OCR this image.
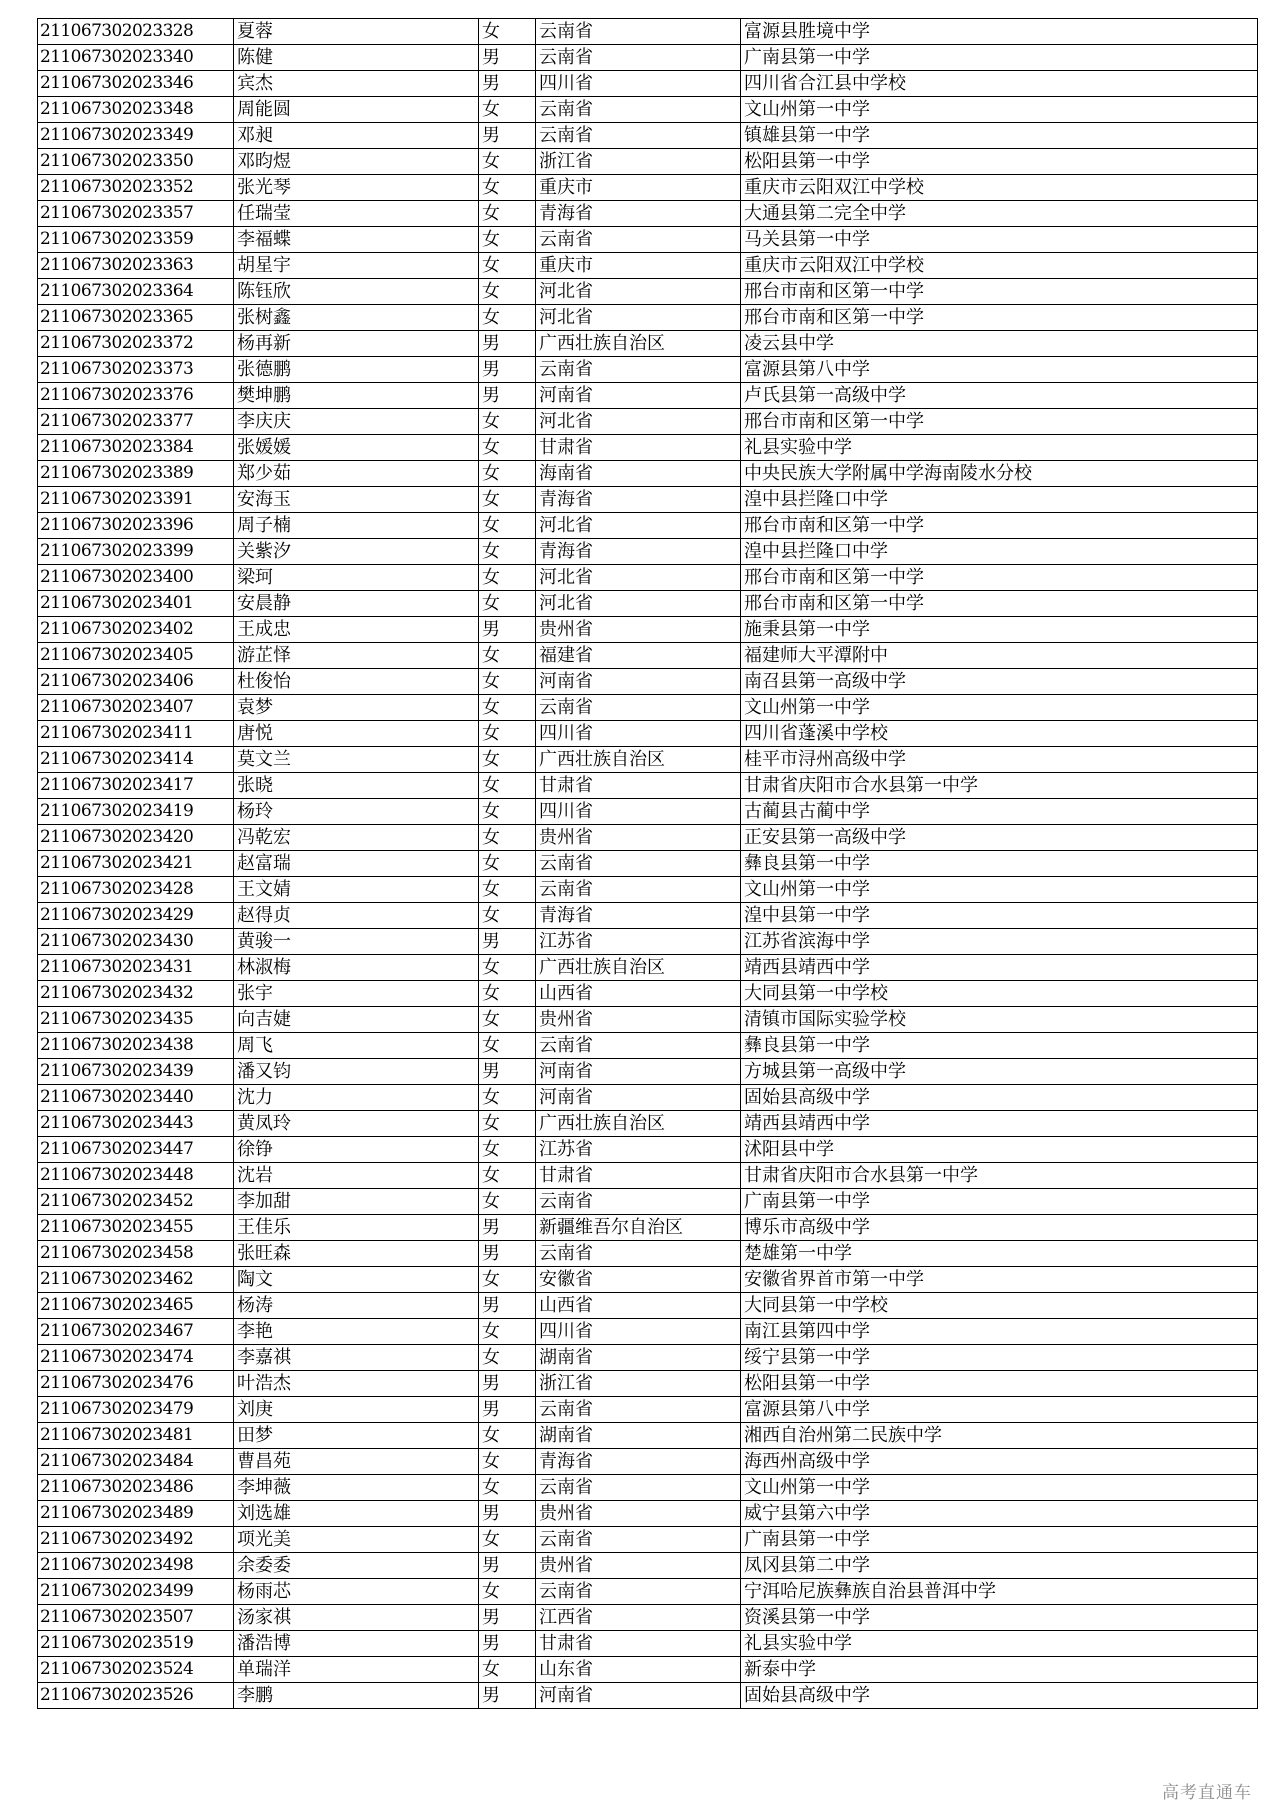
211067302023328	夏蓉	女	云南省	富源县胜境中学
211067302023340	陈健	男	云南省	广南县第一中学
211067302023346	宾杰	男	四川省	四川省合江县中学校
211067302023348	周能圆	女	云南省	文山州第一中学
211067302023349	邓昶	男	云南省	镇雄县第一中学
211067302023350	邓昀煜	女	浙江省	松阳县第一中学
211067302023352	张光琴	女	重庆市	重庆市云阳双江中学校
211067302023357	任瑞莹	女	青海省	大通县第二完全中学
211067302023359	李福蝶	女	云南省	马关县第一中学
211067302023363	胡星宇	女	重庆市	重庆市云阳双江中学校
211067302023364	陈钰欣	女	河北省	邢台市南和区第一中学
211067302023365	张树鑫	女	河北省	邢台市南和区第一中学
211067302023372	杨再新	男	广西壮族自治区	凌云县中学
211067302023373	张德鹏	男	云南省	富源县第八中学
211067302023376	樊坤鹏	男	河南省	卢氏县第一高级中学
211067302023377	李庆庆	女	河北省	邢台市南和区第一中学
211067302023384	张媛媛	女	甘肃省	礼县实验中学
211067302023389	郑少茹	女	海南省	中央民族大学附属中学海南陵水分校
211067302023391	安海玉	女	青海省	湟中县拦隆口中学
211067302023396	周子楠	女	河北省	邢台市南和区第一中学
211067302023399	关紫汐	女	青海省	湟中县拦隆口中学
211067302023400	梁珂	女	河北省	邢台市南和区第一中学
211067302023401	安晨静	女	河北省	邢台市南和区第一中学
211067302023402	王成忠	男	贵州省	施秉县第一中学
211067302023405	游芷怿	女	福建省	福建师大平潭附中
211067302023406	杜俊怡	女	河南省	南召县第一高级中学
211067302023407	袁梦	女	云南省	文山州第一中学
211067302023411	唐悦	女	四川省	四川省蓬溪中学校
211067302023414	莫文兰	女	广西壮族自治区	桂平市浔州高级中学
211067302023417	张晓	女	甘肃省	甘肃省庆阳市合水县第一中学
211067302023419	杨玲	女	四川省	古蔺县古蔺中学
211067302023420	冯乾宏	女	贵州省	正安县第一高级中学
211067302023421	赵富瑞	女	云南省	彝良县第一中学
211067302023428	王文婧	女	云南省	文山州第一中学
211067302023429	赵得贞	女	青海省	湟中县第一中学
211067302023430	黄骏一	男	江苏省	江苏省滨海中学
211067302023431	林淑梅	女	广西壮族自治区	靖西县靖西中学
211067302023432	张宇	女	山西省	大同县第一中学校
211067302023435	向吉婕	女	贵州省	清镇市国际实验学校
211067302023438	周飞	女	云南省	彝良县第一中学
211067302023439	潘又钧	男	河南省	方城县第一高级中学
211067302023440	沈力	女	河南省	固始县高级中学
211067302023443	黄凤玲	女	广西壮族自治区	靖西县靖西中学
211067302023447	徐铮	女	江苏省	沭阳县中学
211067302023448	沈岩	女	甘肃省	甘肃省庆阳市合水县第一中学
211067302023452	李加甜	女	云南省	广南县第一中学
211067302023455	王佳乐	男	新疆维吾尔自治区	博乐市高级中学
211067302023458	张旺森	男	云南省	楚雄第一中学
211067302023462	陶文	女	安徽省	安徽省界首市第一中学
211067302023465	杨涛	男	山西省	大同县第一中学校
211067302023467	李艳	女	四川省	南江县第四中学
211067302023474	李嘉祺	女	湖南省	绥宁县第一中学
211067302023476	叶浩杰	男	浙江省	松阳县第一中学
211067302023479	刘庚	男	云南省	富源县第八中学
211067302023481	田梦	女	湖南省	湘西自治州第二民族中学
211067302023484	曹昌苑	女	青海省	海西州高级中学
211067302023486	李坤薇	女	云南省	文山州第一中学
211067302023489	刘选雄	男	贵州省	威宁县第六中学
211067302023492	项光美	女	云南省	广南县第一中学
211067302023498	余委委	男	贵州省	凤冈县第二中学
211067302023499	杨雨芯	女	云南省	宁洱哈尼族彝族自治县普洱中学
211067302023507	汤家祺	男	江西省	资溪县第一中学
211067302023519	潘浩博	男	甘肃省	礼县实验中学
211067302023524	单瑞洋	女	山东省	新泰中学
211067302023526	李鹏	男	河南省	固始县高级中学
高考直通车
